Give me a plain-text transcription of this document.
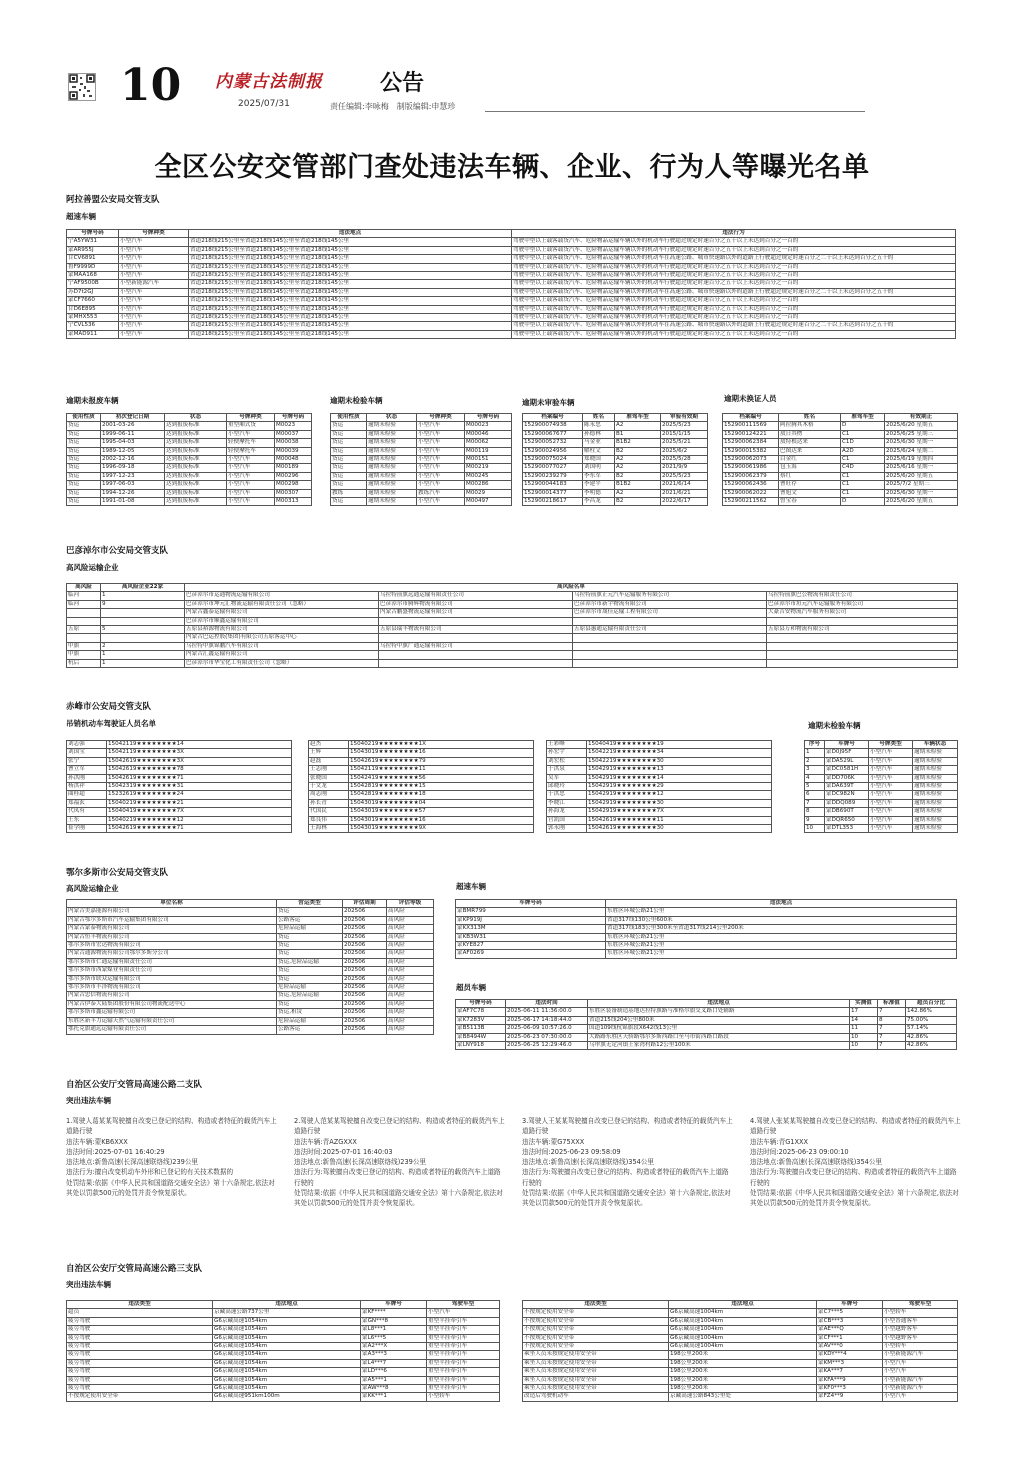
10 内蒙古法制报
2025/07/31
公告
责任编辑:李咏梅　制版编辑:申慧珍
全区公安交管部门查处违法车辆、企业、行为人等曝光名单
阿拉善盟公安局交管支队
超速车辆
号牌号码	号牌种类	违法地点	违法行为
宁A5YW31	小型汽车	省道218线215公里至省道218线145公里至省道218线145公里	驾驶中型以上载客载货汽车、危险物品运输车辆以外的机动车行驶超过规定时速百分之五十以上未达到百分之一百的
蒙AR955J	小型汽车	省道218线215公里至省道218线145公里至省道218线145公里	驾驶中型以上载客载货汽车、危险物品运输车辆以外的机动车行驶超过规定时速百分之五十以上未达到百分之一百的
甘CV6891	小型汽车	省道218线215公里至省道218线145公里至省道218线145公里	驾驶中型以上载客载货汽车、危险物品运输车辆以外的机动车在高速公路、城市快速路以外的道路上行驶超过规定时速百分之二十以上未达到百分之五十的
鲁F9999D	小型汽车	省道218线215公里至省道218线145公里至省道218线145公里	驾驶中型以上载客载货汽车、危险物品运输车辆以外的机动车行驶超过规定时速百分之五十以上未达到百分之一百的
蒙MAA168	小型汽车	省道218线215公里至省道218线145公里至省道218线145公里	驾驶中型以上载客载货汽车、危险物品运输车辆以外的机动车行驶超过规定时速百分之五十以上未达到百分之一百的
宁AF9500B	小型新能源汽车	省道218线215公里至省道218线145公里至省道218线145公里	驾驶中型以上载客载货汽车、危险物品运输车辆以外的机动车行驶超过规定时速百分之五十以上未达到百分之一百的
苏D7t2GJ	小型汽车	省道218线215公里至省道218线145公里至省道218线145公里	驾驶中型以上载客载货汽车、危险物品运输车辆以外的机动车在高速公路、城市快速路以外的道路上行驶超过规定时速百分之二十以上未达到百分之五十的
蒙CF7660	小型汽车	省道218线215公里至省道218线145公里至省道218线145公里	驾驶中型以上载客载货汽车、危险物品运输车辆以外的机动车行驶超过规定时速百分之五十以上未达到百分之一百的
甘D6E895	小型汽车	省道218线215公里至省道218线145公里至省道218线145公里	驾驶中型以上载客载货汽车、危险物品运输车辆以外的机动车行驶超过规定时速百分之五十以上未达到百分之一百的
蒙MHX553	小型汽车	省道218线215公里至省道218线145公里至省道218线145公里	驾驶中型以上载客载货汽车、危险物品运输车辆以外的机动车行驶超过规定时速百分之五十以上未达到百分之一百的
宁CVL536	小型汽车	省道218线215公里至省道218线145公里至省道218线145公里	驾驶中型以上载客载货汽车、危险物品运输车辆以外的机动车在高速公路、城市快速路以外的道路上行驶超过规定时速百分之二十以上未达到百分之五十的
蒙MAD911	小型汽车	省道218线215公里至省道218线145公里至省道218线145公里	驾驶中型以上载客载货汽车、危险物品运输车辆以外的机动车行驶超过规定时速百分之五十以上未达到百分之一百的
逾期未报废车辆
使用性质	初次登记日期	状态	号牌种类	号牌号码
货运	2001-03-26	达到报废标准	重型厢式货	M0023
货运	1999-06-11	达到报废标准	小型汽车	M00037
货运	1995-04-03	达到报废标准	轻便摩托车	M00038
货运	1989-12-05	达到报废标准	轻便摩托车	M00039
货运	2002-12-16	达到报废标准	小型汽车	M00048
货运	1996-09-18	达到报废标准	小型汽车	M00189
货运	1997-12-23	达到报废标准	小型汽车	M00296
货运	1997-06-03	达到报废标准	小型汽车	M00298
货运	1994-12-26	达到报废标准	小型汽车	M00307
货运	1991-01-08	达到报废标准	小型汽车	M00313
逾期未检验车辆
使用性质	状态	号牌种类	号牌号码
货运	逾期未检验	小型汽车	M00023
货运	逾期未检验	小型汽车	M00046
货运	逾期未检验	小型汽车	M00062
货运	逾期未检验	小型汽车	M00119
货运	逾期未检验	小型汽车	M00151
货运	逾期未检验	小型汽车	M00219
货运	逾期未检验	小型汽车	M00245
货运	逾期未检验	小型汽车	M00286
教练	逾期未检验	教练汽车	M0029
货运	逾期未检验	小型汽车	M00497
逾期未审验车辆
档案编号	姓名	准驾车型	审验有效期
152900074938	陈永忠	A2	2025/5/23
152900067677	孙德林	B1	2015/1/15
152900052732	马金业	B1B2	2025/5/21
152900024956	解柱文	B2	2025/6/2
152900075024	郑晓国	A2	2025/5/28
152900077027	刘国明	A2	2021/9/9
152900239279	李东军	B2	2025/5/23
152900044183	李建平	B1B2	2021/6/14
152900014377	李明德	A2	2021/6/21
152900218617	李昌龙	B2	2022/6/17
逾期未换证人员
档案编号	姓名	准驾车型	有效期止
152900111569	阿拉腾其木格	D	2025/6/20 星期五
152900124221	敖日其楞	C1	2025/6/25 星期三
152900062384	敖特根达来	C1D	2025/6/30 星期一
152900015382	巴图达来	A2D	2025/6/24 星期二
152900062073	白金红	C1	2025/6/19 星期四
152900061986	包玉海	C4D	2025/6/16 星期一
152900062379	蔡红	C1	2025/6/20 星期五
152900062436	曹旺存	C1	2025/7/2 星期三
152900062022	曹旭文	C1	2025/6/30 星期一
152900211562	曾宝春	D	2025/6/20 星期五
巴彦淖尔市公安局交管支队
高风险运输企业
高风险	高风险企业22家	高风险名单			
临河	1	巴彦淖尔市运通物流运输有限公司	乌拉特前旗远通运输有限责任公司	乌拉特前旗正元汽车运输服务有限公司	乌拉特前旗巴公物流有限责任公司
临河	9	巴彦淖尔市坤元汇物流运输有限责任公司（忽略）	巴彦淖尔市腾辉物流有限公司	巴彦淖尔市新宇物流有限公司	巴彦淖尔市垣元汽车运输服务有限公司
		内蒙古鑫泰运输有限公司	内蒙古鹏盛物流运输有限公司	巴彦淖尔市晟佳运输工程有限公司	大豪吉安物流汽车服务有限公司
		巴彦淖尔市顺鑫运输有限公司			
五原	5	五原县裕源物流有限公司	五原县瑞丰物流有限公司	五原县惠通运输有限责任公司	五原县万和物流有限公司
		内蒙古巴运控股(集团)有限公司五原客运中心			
中旗	2	乌拉特中旗锦鹏汽车有限公司	乌拉特中旗广通运输有限公司		
中旗	1	内蒙古汇鑫运输有限公司			
杭后	1	巴彦淖尔市华宝化工有限责任公司（忽略）			
赤峰市公安局交管支队
吊销机动车驾驶证人员名单
刘志强	15042119★★★★★★★★14
刘国宝	15042119★★★★★★★★3X
张宁	15042619★★★★★★★★3X
曹立军	15042619★★★★★★★★78
孙洪刚	15042619★★★★★★★★71
杨洪祥	15042319★★★★★★★★31
曲桂超	15232619★★★★★★★★24
郑福玄	15040219★★★★★★★★21
代凤有	15040419★★★★★★★★7X
王东	15040219★★★★★★★★12
崔学刚	15042619★★★★★★★★71
赵杰	15040219★★★★★★★★1X
王辉	15043019★★★★★★★★16
赵磊	15042619★★★★★★★★79
王志刚	15042119★★★★★★★★11
张晓国	15042419★★★★★★★★56
于文龙	15042819★★★★★★★★15
周志刚	15042819★★★★★★★★18
孙长青	15043019★★★★★★★★04
代国民	15043019★★★★★★★★57
郑良伟	15043019★★★★★★★★16
王海林	15043019★★★★★★★★9X
王彩峰	15040419★★★★★★★★19
孙宏宇	15042219★★★★★★★★34
刘宏松	15042219★★★★★★★★30
于洪泉	15042919★★★★★★★★13
吴军	15042919★★★★★★★★14
邱晓玲	15042919★★★★★★★★29
于洪忠	15042919★★★★★★★★12
李晓江	15042919★★★★★★★★30
孙海龙	15042919★★★★★★★★7X
宫凯国	15042619★★★★★★★★11
郭永刚	15042619★★★★★★★★30
逾期未检验车辆
序号	车牌号	号牌类型	车辆状态
1	蒙D0J95F	小型汽车	逾期未检验
2	蒙DA529L	小型汽车	逾期未检验
3	蒙DC0581H	小型汽车	逾期未检验
4	蒙DD706K	小型汽车	逾期未检验
5	蒙DA639T	小型汽车	逾期未检验
6	蒙DC982N	小型汽车	逾期未检验
7	蒙DDQ089	小型汽车	逾期未检验
8	蒙DB690T	小型汽车	逾期未检验
9	蒙DQR650	小型汽车	逾期未检验
10	蒙DTL353	小型汽车	逾期未检验
鄂尔多斯市公安局交管支队
高风险运输企业
单位名称	营运类型	评估周期	评估等级
内蒙古美嘉能源有限公司	货运	202506	高风险
内蒙古鄂尔多斯市汽车运输集团有限公司	公路客运	202506	高风险
内蒙古蒙泰物流有限公司	危险品运输	202506	高风险
内蒙古恒丰物流有限公司	货运	202506	高风险
鄂尔多斯市宏达物流有限公司	货运	202506	高风险
内蒙古通源物流有限公司鄂尔多斯分公司	货运	202506	高风险
鄂尔多斯市仁通运输有限责任公司	货运,危险品运输	202506	高风险
鄂尔多斯市西蒙煤业有限责任公司	货运	202506	高风险
鄂尔多斯市联众运输有限公司	货运	202506	高风险
鄂尔多斯市丰泽物流有限公司	危险品运输	202506	高风险
内蒙古忠信物流有限公司	货运,危险品运输	202506	高风险
内蒙古伊泰大陆集团股份有限公司物流配送中心	货运	202506	高风险
鄂尔多斯市鑫运输有限公司	货运,租赁	202506	高风险
东胜区新丰力运输天然气运输有限责任公司	危险品运输	202506	高风险
鄂托克旗通远运输有限责任公司	公路客运	202506	高风险
超速车辆
车牌号码	违法地点
蒙BMR799	东胜区环城公路21公里
蒙KP919J	省道317线130公里600米
蒙KX313M	省道317线183公里300米至省道317线214公里200米
蒙KB3W31	东胜区环城公路21公里
蒙KYE827	东胜区环城公路21公里
蒙AF0269	东胜区环城公路21公里
超员车辆
号牌号码	违法时间	违法地点	实测值	标准值	超员百分比
蒙AF7C78	2025-06-11 11:36:00.0	东胜区装备制造基地达拉特旗路与准格尔旗交叉路口处辅路	17	7	142.86%
蒙K7283V	2025-06-17 14:18:44.0	省道215线204公里800米	14	8	75.00%
蒙B5113B	2025-06-09 10:57:26.0	国道109线杭锦旗段X642线13公里	11	7	57.14%
蒙B8494W	2025-06-23 07:30:00.0	大路路东胜区天骄路鄂尔多斯西路口至马市街西路口路段	10	7	42.86%
蒙LNY918	2025-06-25 12:29:46.0	乌审旗无定河镇王家湾村路12公里100米	10	7	42.86%
自治区公安厅交管局高速公路二支队
突出违法车辆
1.驾驶人葛某某驾驶擅自改变已登记的结构、构造或者特征的载货汽车上道路行驶
违法车辆:蒙KB6XXX
违法时间:2025-07-01 16:40:29
违法地点:新鲁高速(长深高速联络线)239公里
违法行为:擅自改变机动车外形和已登记的有关技术数据的
处罚结果:依据《中华人民共和国道路交通安全法》第十六条规定,依法对其处以罚款500元的处罚并责令恢复原状。
2.驾驶人范某某驾驶擅自改变已登记的结构、构造或者特征的载货汽车上道路行驶
违法车辆:青AZGXXX
违法时间:2025-07-01 16:40:03
违法地点:新鲁高速(长深高速联络线)239公里
违法行为:驾驶擅自改变已登记的结构、构造或者特征的载货汽车上道路行驶的
处罚结果:依据《中华人民共和国道路交通安全法》第十六条规定,依法对其处以罚款500元的处罚并责令恢复原状。
3.驾驶人王某某驾驶擅自改变已登记的结构、构造或者特征的载货汽车上道路行驶
违法车辆:蒙G75XXX
违法时间:2025-06-23 09:58:09
违法地点:新鲁高速(长深高速联络线)354公里
违法行为:驾驶擅自改变已登记的结构、构造或者特征的载货汽车上道路行驶的
处罚结果:依据《中华人民共和国道路交通安全法》第十六条规定,依法对其处以罚款500元的处罚并责令恢复原状。
4.驾驶人张某某驾驶擅自改变已登记的结构、构造或者特征的载货汽车上道路行驶
违法车辆:青G1XXX
违法时间:2025-06-23 09:00:10
违法地点:新鲁高速(长深高速联络线)354公里
违法行为:驾驶擅自改变已登记的结构、构造或者特征的载货汽车上道路行驶的
处罚结果:依据《中华人民共和国道路交通安全法》第十六条规定,依法对其处以罚款500元的处罚并责令恢复原状。
自治区公安厅交管局高速公路三支队
突出违法车辆
违法类型	违法地点	车牌号	驾驶车型
超员	京藏高速公路737公里	蒙KF****	小型汽车
疲劳驾驶	G6京藏高速1054km	蒙GN***8	重型半挂牵引车
疲劳驾驶	G6京藏高速1054km	蒙L8***1	重型半挂牵引车
疲劳驾驶	G6京藏高速1054km	蒙L6***5	重型半挂牵引车
疲劳驾驶	G6京藏高速1054km	蒙A2***X	重型半挂牵引车
疲劳驾驶	G6京藏高速1054km	蒙A3***3	重型半挂牵引车
疲劳驾驶	G6京藏高速1054km	蒙L4***7	重型半挂牵引车
疲劳驾驶	G6京藏高速1054km	蒙LD***6	重型半挂牵引车
疲劳驾驶	G6京藏高速1054km	蒙A5***1	重型半挂牵引车
疲劳驾驶	G6京藏高速1054km	蒙AW***8	重型半挂牵引车
不按规定使用安全带	G6京藏高速951km100m	蒙KK***1	小型轿车
违法类型	违法地点	车牌号	驾驶车型
不按规定使用安全带	G6京藏高速1004km	蒙C7***5	小型轿车
不按规定使用安全带	G6京藏高速1004km	蒙CB***3	小型普通客车
不按规定使用安全带	G6京藏高速1004km	蒙AE***Q	小型越野客车
不按规定使用安全带	G6京藏高速1004km	蒙CF***1	小型越野客车
不按规定使用安全带	G6京藏高速1004km	蒙AV***0	小型轿车
乘坐人员未按规定使用安全带	198公里200米	蒙KDY***4	小型新能源汽车
乘坐人员未按规定使用安全带	198公里200米	蒙KM***3	小型汽车
乘坐人员未按规定使用安全带	198公里200米	蒙KA***7	小型汽车
乘坐人员未按规定使用安全带	198公里200米	蒙KFA***9	小型新能源汽车
乘坐人员未按规定使用安全带	198公里200米	蒙KF0***3	小型新能源汽车
改造后驾驶机动车	京藏高速公路843公里处	蒙FZ4**9	小型汽车
